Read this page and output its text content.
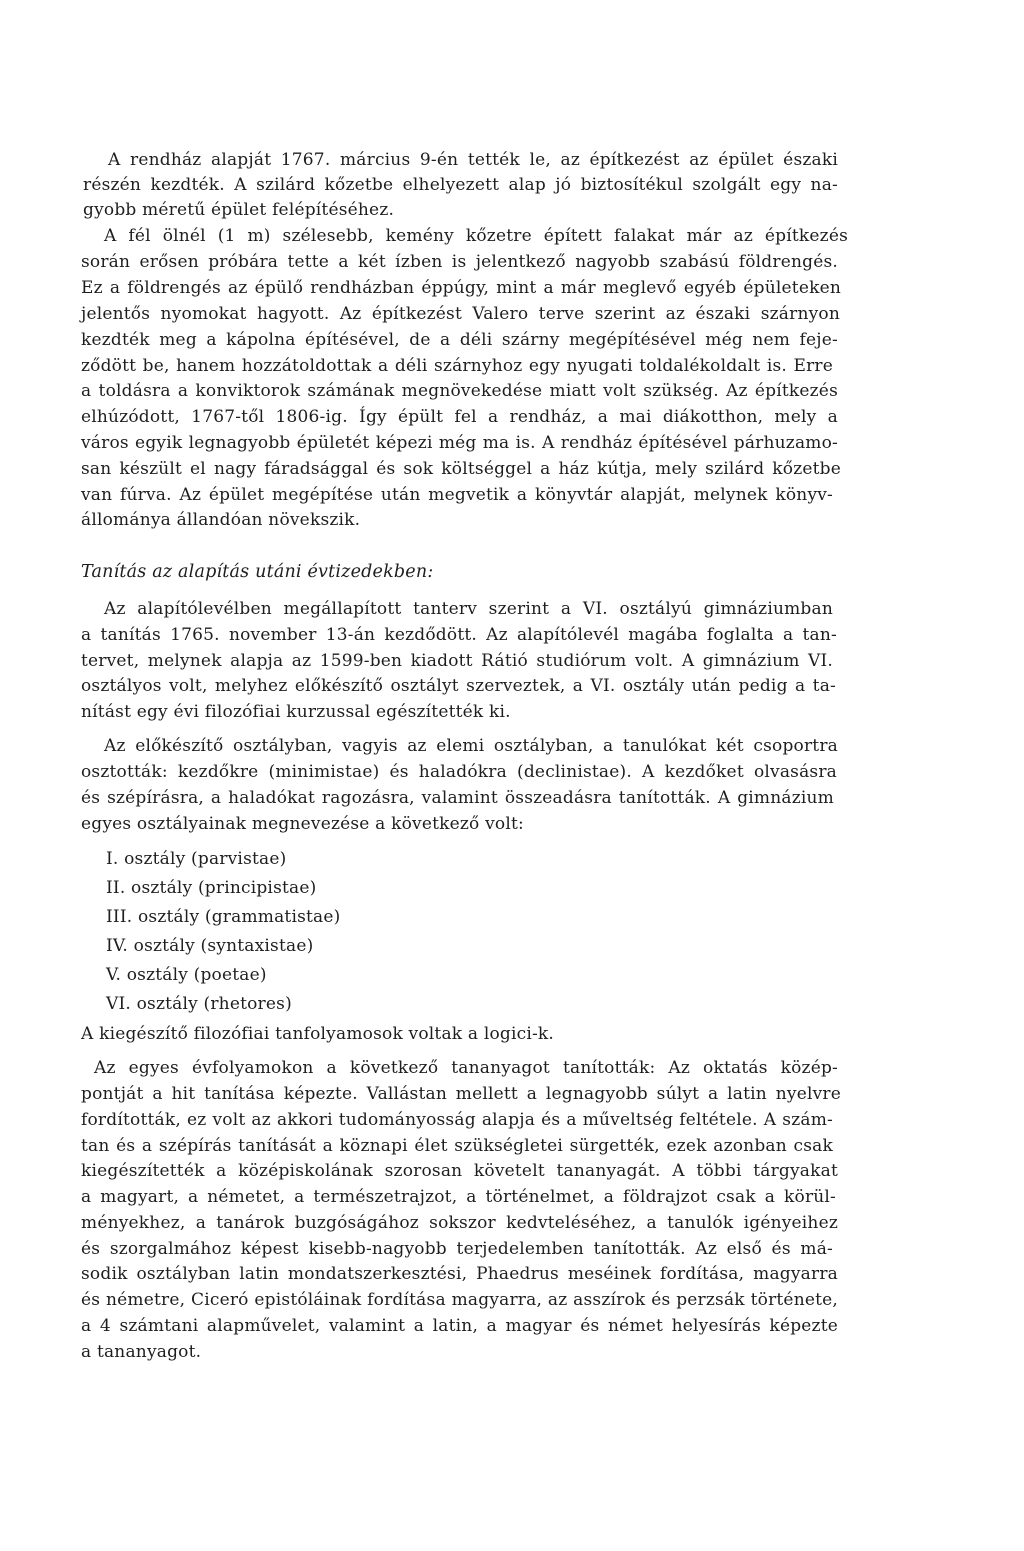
A rendház alapját 1767. március 9-én tették le, az építkezést az épület északi
részén kezdték. A szilárd kőzetbe elhelyezett alap jó biztosítékul szolgált egy na-
gyobb méretű épület felépítéséhez.
A fél ölnél (1 m) szélesebb, kemény kőzetre épített falakat már az építkezés
során erősen próbára tette a két ízben is jelentkező nagyobb szabású földrengés.
Ez a földrengés az épülő rendházban éppúgy, mint a már meglevő egyéb épületeken
jelentős nyomokat hagyott. Az építkezést Valero terve szerint az északi szárnyon
kezdték meg a kápolna építésével, de a déli szárny megépítésével még nem feje-
ződött be, hanem hozzátoldottak a déli szárnyhoz egy nyugati toldalékoldalt is. Erre
a toldásra a konviktorok számának megnövekedése miatt volt szükség. Az építkezés
elhúzódott, 1767-től 1806-ig. Így épült fel a rendház, a mai diákotthon, mely a
város egyik legnagyobb épületét képezi még ma is. A rendház építésével párhuzamo-
san készült el nagy fáradsággal és sok költséggel a ház kútja, mely szilárd kőzetbe
van fúrva. Az épület megépítése után megvetik a könyvtár alapját, melynek könyv-
állománya állandóan növekszik.
Tanítás az alapítás utáni évtizedekben:
Az alapítólevélben megállapított tanterv szerint a VI. osztályú gimnáziumban
a tanítás 1765. november 13-án kezdődött. Az alapítólevél magába foglalta a tan-
tervet, melynek alapja az 1599-ben kiadott Rátió studiórum volt. A gimnázium VI.
osztályos volt, melyhez előkészítő osztályt szerveztek, a VI. osztály után pedig a ta-
nítást egy évi filozófiai kurzussal egészítették ki.
Az előkészítő osztályban, vagyis az elemi osztályban, a tanulókat két csoportra
osztották: kezdőkre (minimistae) és haladókra (declinistae). A kezdőket olvasásra
és szépírásra, a haladókat ragozásra, valamint összeadásra tanították. A gimnázium
egyes osztályainak megnevezése a következő volt:
I. osztály (parvistae)
II. osztály (principistae)
III. osztály (grammatistae)
IV. osztály (syntaxistae)
V. osztály (poetae)
VI. osztály (rhetores)
A kiegészítő filozófiai tanfolyamosok voltak a logici-k.
Az egyes évfolyamokon a következő tananyagot tanították: Az oktatás közép-
pontját a hit tanítása képezte. Vallástan mellett a legnagyobb súlyt a latin nyelvre
fordították, ez volt az akkori tudományosság alapja és a műveltség feltétele. A szám-
tan és a szépírás tanítását a köznapi élet szükségletei sürgették, ezek azonban csak
kiegészítették a középiskolának szorosan követelt tananyagát. A többi tárgyakat
a magyart, a németet, a természetrajzot, a történelmet, a földrajzot csak a körül-
ményekhez, a tanárok buzgóságához sokszor kedvteléséhez, a tanulók igényeihez
és szorgalmához képest kisebb-nagyobb terjedelemben tanították. Az első és má-
sodik osztályban latin mondatszerkesztési, Phaedrus meséinek fordítása, magyarra
és németre, Ciceró epistóláinak fordítása magyarra, az asszírok és perzsák története,
a 4 számtani alapművelet, valamint a latin, a magyar és német helyesírás képezte
a tananyagot.
